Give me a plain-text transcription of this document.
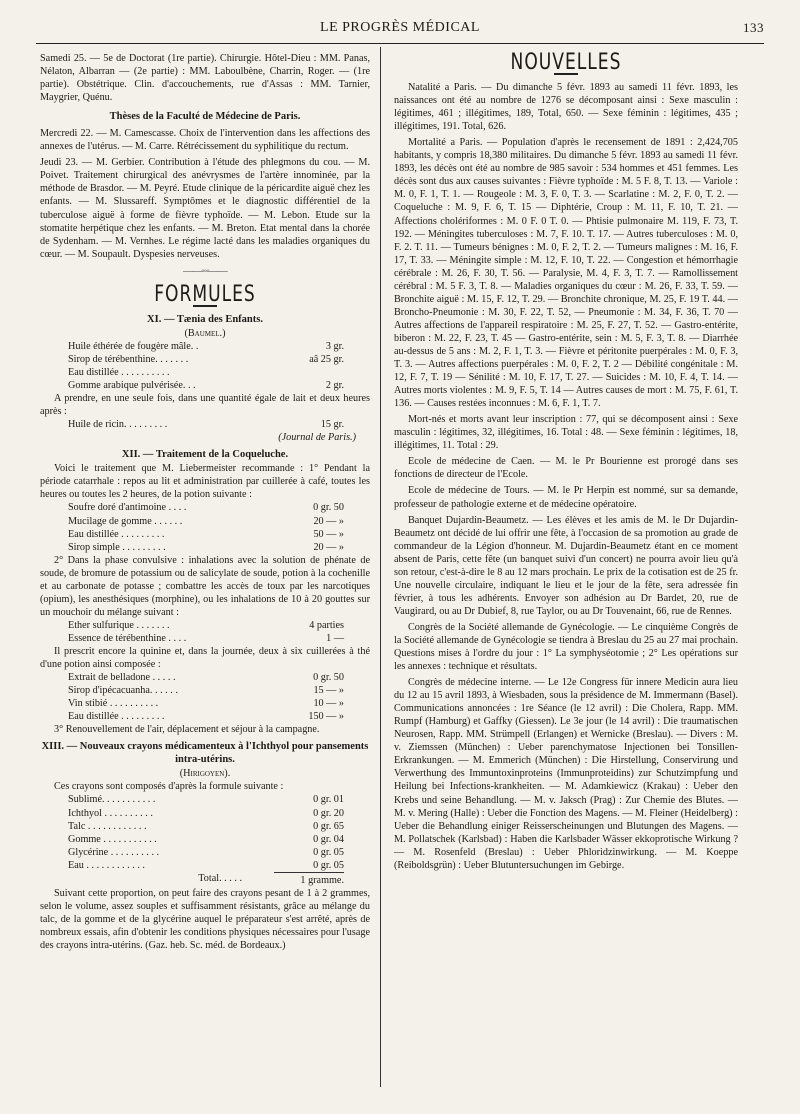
LE PROGRÈS MÉDICAL	133

Samedi 25. — 5e de Doctorat (1re partie). Chirurgie. Hôtel-Dieu : MM. Panas, Nélaton, Albarran — (2e partie) : MM. Laboulbène, Charrin, Roger. — (1re partie). Obstétrique. Clin. d'accouchements, rue d'Assas : MM. Tarnier, Maygrier, Quénu.

Thèses de la Faculté de Médecine de Paris.

Mercredi 22. — M. Camescasse. Choix de l'intervention dans les affections des annexes de l'utérus. — M. Carre. Rétrécissement du syphilitique du rectum.

Jeudi 23. — M. Gerbier. Contribution à l'étude des phlegmons du cou. — M. Poivet. Traitement chirurgical des anévrysmes de l'artère innominée, par la méthode de Brasdor. — M. Peyré. Etude clinique de la péricardite aiguë chez les enfants. — M. Slussareff. Symptômes et le diagnostic différentiel de la tuberculose aiguë à forme de fièvre typhoïde. — M. Lebon. Etude sur la stomatite herpétique chez les enfants. — M. Breton. Etat mental dans la chorée de Sydenham. — M. Vernhes. Le régime lacté dans les maladies organiques du cœur. — M. Soupault. Dyspesies nerveuses.

——◦◦◦——
FORMULES
XI. — Tænia des Enfants.
(Baumel.)
Huile éthérée de fougère mâle. .	3 gr.
Sirop de térébenthine. . . . . . .	aâ 25 gr.
Eau distillée . . . . . . . . . .
Gomme arabique pulvérisée. . .	2 gr.

A prendre, en une seule fois, dans une quantité égale de lait et deux heures après :

Huile de ricin. . . . . . . . .	15 gr.
(Journal de Paris.)
XII. — Traitement de la Coqueluche.

Voici le traitement que M. Liebermeister recommande : 1° Pendant la période catarrhale : repos au lit et administration par cuillerée à café, toutes les heures ou toutes les 2 heures, de la potion suivante :

Soufre doré d'antimoine . . . .	0 gr. 50
Mucilage de gomme . . . . . .	20 — »
Eau distillée . . . . . . . . .	50 — »
Sirop simple . . . . . . . . .	20 — »

2° Dans la phase convulsive : inhalations avec la solution de phénate de soude, de bromure de potassium ou de salicylate de soude, potion à la cochenille et au carbonate de potasse ; combattre les accès de toux par les narcotiques (opium), les anesthésiques (morphine), ou les inhalations de 10 à 20 gouttes sur un mouchoir du mélange suivant :

Ether sulfurique . . . . . . .	4 parties
Essence de térébenthine . . . .	1 —

Il prescrit encore la quinine et, dans la journée, deux à six cuillerées à thé d'une potion ainsi composée :

Extrait de belladone . . . . .	0 gr. 50
Sirop d'ipécacuanha. . . . . .	15 — »
Vin stibié . . . . . . . . . .	10 — »
Eau distillée . . . . . . . . .	150 — »

3° Renouvellement de l'air, déplacement et séjour à la campagne.

XIII. — Nouveaux crayons médicamenteux à l'Ichthyol pour pansements intra-utérins.
(Hirigoyen).

Ces crayons sont composés d'après la formule suivante :

Sublimé. . . . . . . . . . .	0 gr. 01
Ichthyol . . . . . . . . . .	0 gr. 20
Talc . . . . . . . . . . . .	0 gr. 65
Gomme . . . . . . . . . . .	0 gr. 04
Glycérine . . . . . . . . . .	0 gr. 05
Eau . . . . . . . . . . . .	0 gr. 05
Total. . . . .	1 gramme.

Suivant cette proportion, on peut faire des crayons pesant de 1 à 2 grammes, selon le volume, assez souples et suffisamment résistants, grâce au mélange du talc, de la gomme et de la glycérine auquel le préparateur s'est arrêté, après de nombreux essais, afin d'obtenir les conditions physiques nécessaires pour l'usage des crayons intra-utérins. (Gaz. heb. Sc. méd. de Bordeaux.)

NOUVELLES

Natalité a Paris. — Du dimanche 5 févr. 1893 au samedi 11 févr. 1893, les naissances ont été au nombre de 1276 se décomposant ainsi : Sexe masculin : légitimes, 461 ; illégitimes, 189, Total, 650. — Sexe féminin : légitimes, 435 ; illégitimes, 191. Total, 626.

Mortalité a Paris. — Population d'après le recensement de 1891 : 2,424,705 habitants, y compris 18,380 militaires. Du dimanche 5 févr. 1893 au samedi 11 févr. 1893, les décès ont été au nombre de 985 savoir : 534 hommes et 451 femmes. Les décès sont dus aux causes suivantes : Fièvre typhoïde : M. 5 F. 8, T. 13. — Variole : M. 0, F. 1, T. 1. — Rougeole : M. 3, F. 0, T. 3. — Scarlatine : M. 2, F. 0, T. 2. — Coqueluche : M. 9, F. 6, T. 15 — Diphtérie, Croup : M. 11, F. 10, T. 21. — Affections cholériformes : M. 0 F. 0 T. 0. — Phtisie pulmonaire M. 119, F. 73, T. 192. — Méningites tuberculoses : M. 7, F. 10. T. 17. — Autres tuberculoses : M. 0, F. 2. T. 11. — Tumeurs bénignes : M. 0, F. 2, T. 2. — Tumeurs malignes : M. 16, F. 17, T. 33. — Méningite simple : M. 12, F. 10, T. 22. — Congestion et hémorrhagie cérébrale : M. 26, F. 30, T. 56. — Paralysie, M. 4, F. 3, T. 7. — Ramollissement cérébral : M. 5 F. 3, T. 8. — Maladies organiques du cœur : M. 26, F. 33, T. 59. — Bronchite aiguë : M. 15, F. 12, T. 29. — Bronchite chronique, M. 25, F. 19 T. 44. — Broncho-Pneumonie : M. 30, F. 22, T. 52, — Pneumonie : M. 34, F. 36, T. 70 — Autres affections de l'appareil respiratoire : M. 25, F. 27, T. 52. — Gastro-entérite, biberon : M. 22, F. 23, T. 45 — Gastro-entérite, sein : M. 5, F. 3, T. 8. — Diarrhée au-dessus de 5 ans : M. 2, F. 1, T. 3. — Fièvre et péritonite puerpérales : M. 0, F. 3, T. 3. — Autres affections puerpérales : M. 0, F. 2, T. 2 — Débilité congénitale : M. 12, F. 7, T. 19 — Sénilité : M. 10, F. 17, T. 27. — Suicides : M. 10, F. 4, T. 14. — Autres morts violentes : M. 9, F. 5, T. 14 — Autres causes de mort : M. 75, F. 61, T. 136. — Causes restées inconnues : M. 6, F. 1, T. 7.

Mort-nés et morts avant leur inscription : 77, qui se décomposent ainsi : Sexe masculin : légitimes, 32, illégitimes, 16. Total : 48. — Sexe féminin : légitimes, 18, illégitimes, 11. Total : 29.

Ecole de médecine de Caen. — M. le Pr Bourienne est prorogé dans ses fonctions de directeur de l'Ecole.

Ecole de médecine de Tours. — M. le Pr Herpin est nommé, sur sa demande, professeur de pathologie externe et de médecine opératoire.

Banquet Dujardin-Beaumetz. — Les élèves et les amis de M. le Dr Dujardin-Beaumetz ont décidé de lui offrir une fête, à l'occasion de sa promotion au grade de commandeur de la Légion d'honneur. M. Dujardin-Beaumetz étant en ce moment absent de Paris, cette fête (un banquet suivi d'un concert) ne pourra avoir lieu qu'à son retour, c'est-à-dire le 8 au 12 mars prochain. Le prix de la cotisation est de 25 fr. Une nouvelle circulaire, indiquant le lieu et le jour de la fête, sera adressée fin février, à tous les adhérents. Envoyer son adhésion au Dr Bardet, 20, rue de Vaugirard, ou au Dr Dubief, 8, rue Taylor, ou au Dr Touvenaint, 66, rue de Rennes.

Congrès de la Société allemande de Gynécologie. — Le cinquième Congrès de la Société allemande de Gynécologie se tiendra à Breslau du 25 au 27 mai prochain. Questions mises à l'ordre du jour : 1° La symphyséotomie ; 2° Les opérations sur les annexes : technique et résultats.

Congrès de médecine interne. — Le 12e Congress für innere Medicin aura lieu du 12 au 15 avril 1893, à Wiesbaden, sous la présidence de M. Immermann (Basel). Communications annoncées : 1re Séance (le 12 avril) : Die Cholera, Rapp. MM. Rumpf (Hamburg) et Gaffky (Giessen). Le 3e jour (le 14 avril) : Die traumatischen Neurosen, Rapp. MM. Strümpell (Erlangen) et Wernicke (Breslau). — Divers : M. v. Ziemssen (München) : Ueber parenchymatose Injectionen bei Tonsillen-Erkrankungen. — M. Emmerich (München) : Die Hirstellung, Conservirung und Verwerthung des Immuntoxinproteins (Immunproteidins) zur Schutzimpfung und Heilung bei Infections-krankheiten. — M. Adamkiewicz (Krakau) : Ueber den Krebs und seine Behandlung. — M. v. Jaksch (Prag) : Zur Chemie des Blutes. — M. v. Mering (Halle) : Ueber die Fonction des Magens. — M. Fleiner (Heidelberg) : Ueber die Behandlung einiger Reisserscheinungen und Blutungen des Magens. — M. Pollatschek (Karlsbad) : Haben die Karlsbader Wässer ekkoprotische Wirkung ? — M. Rosenfeld (Breslau) : Ueber Phloridzinwirkung. — M. Koeppe (Reiboldsgrün) : Ueber Blutuntersuchungen im Gebirge.
